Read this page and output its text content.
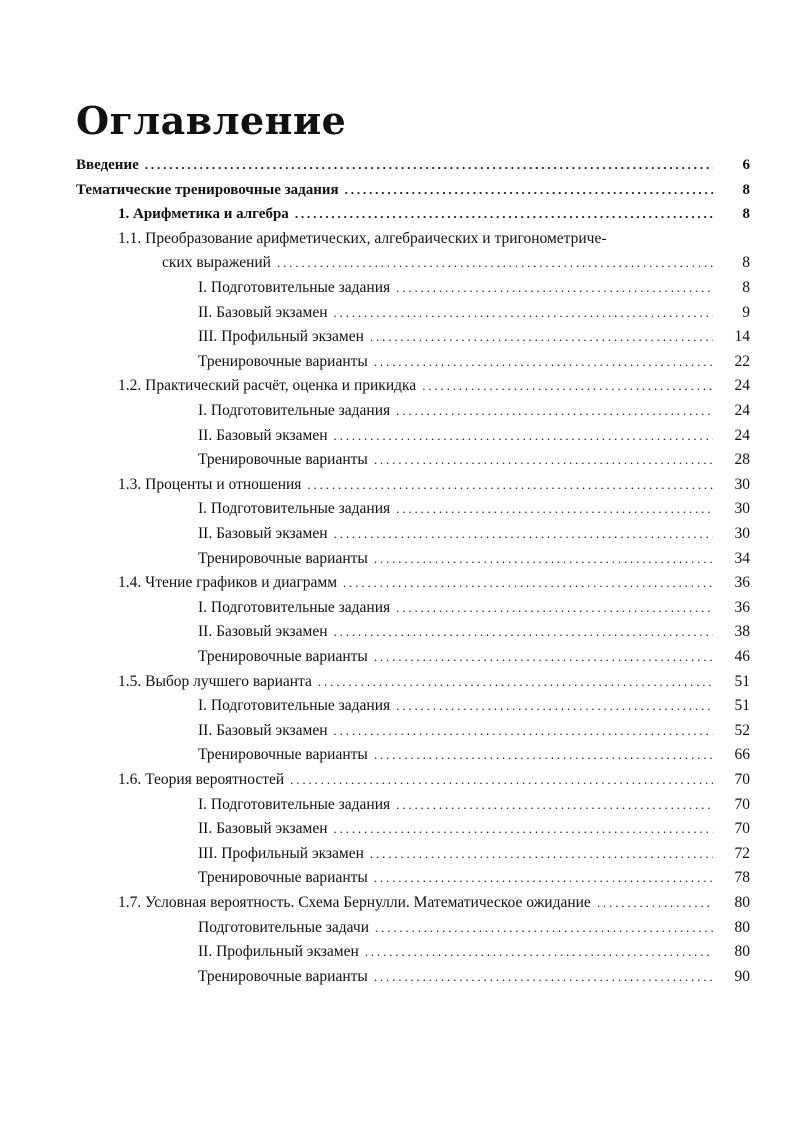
Оглавление
Введение . . .	6
Тематические тренировочные задания . . .	8
1. Арифметика и алгебра . . .	8
1.1. Преобразование арифметических, алгебраических и тригонометриче-
ских выражений . . .	8
I. Подготовительные задания . . .	8
II. Базовый экзамен . . .	9
III. Профильный экзамен . . .	14
Тренировочные варианты . . .	22
1.2. Практический расчёт, оценка и прикидка . . .	24
I. Подготовительные задания . . .	24
II. Базовый экзамен . . .	24
Тренировочные варианты . . .	28
1.3. Проценты и отношения . . .	30
I. Подготовительные задания . . .	30
II. Базовый экзамен . . .	30
Тренировочные варианты . . .	34
1.4. Чтение графиков и диаграмм . . .	36
I. Подготовительные задания . . .	36
II. Базовый экзамен . . .	38
Тренировочные варианты . . .	46
1.5. Выбор лучшего варианта . . .	51
I. Подготовительные задания . . .	51
II. Базовый экзамен . . .	52
Тренировочные варианты . . .	66
1.6. Теория вероятностей . . .	70
I. Подготовительные задания . . .	70
II. Базовый экзамен . . .	70
III. Профильный экзамен . . .	72
Тренировочные варианты . . .	78
1.7. Условная вероятность. Схема Бернулли. Математическое ожидание . . .	80
Подготовительные задачи . . .	80
II. Профильный экзамен . . .	80
Тренировочные варианты . . .	90
